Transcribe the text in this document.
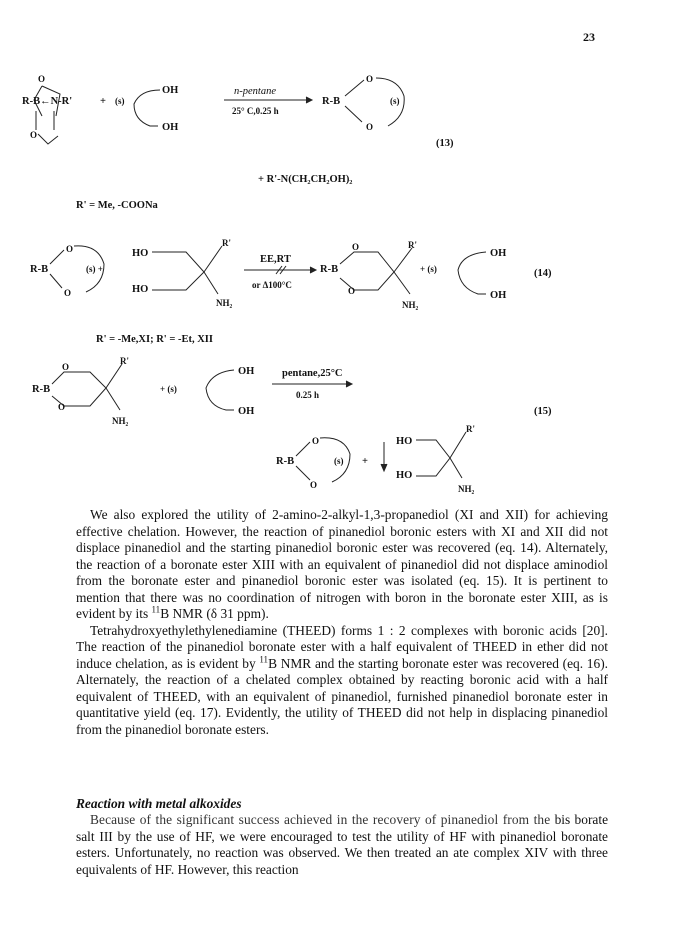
23
O
R-B←N-R'
O
+ (s)
OH
OH
n-pentane
25° C,0.25 h
R-B
O
(s)
O
(13)
+ R'-N(CH₂CH₂OH)₂
R' = Me, -COONa
R-B
O
O
(s) +
HO
HO
R'
NH₂
EE,RT
or Δ100°C
R-B
O
O
R'
NH₂
+ (s)
OH
OH
(14)
R' = -Me,XI; R' = -Et, XII
R-B
O
O
R'
NH₂
+ (s)
OH
OH
pentane,25°C
0.25 h
(15)
R-B
O
O
(s) +
HO
HO
R'
NH₂

We also explored the utility of 2-amino-2-alkyl-1,3-propanediol (XI and XII) for achieving effective chelation. However, the reaction of pinanediol boronic esters with XI and XII did not displace pinanediol and the starting pinanediol boronic ester was recovered (eq. 14). Alternately, the reaction of a boronate ester XIII with an equivalent of pinanediol did not displace aminodiol from the boronate ester and pinanediol boronic ester was isolated (eq. 15). It is pertinent to mention that there was no coordination of nitrogen with boron in the boronate ester XIII, as is evident by its $^{11}$B NMR (δ 31 ppm).

Tetrahydroxyethylethylenediamine (THEED) forms 1 : 2 complexes with boronic acids [20]. The reaction of the pinanediol boronate ester with a half equivalent of THEED in ether did not induce chelation, as is evident by $^{11}$B NMR and the starting boronate ester was recovered (eq. 16). Alternately, the reaction of a chelated complex obtained by reacting boronic acid with a half equivalent of THEED, with an equivalent of pinanediol, furnished pinanediol boronate ester in quantitative yield (eq. 17). Evidently, the utility of THEED did not help in displacing pinanediol from the pinanediol boronate esters.

Reaction with metal alkoxides

Because of the significant success achieved in the recovery of pinanediol from the bis borate salt III by the use of HF, we were encouraged to test the utility of HF with pinanediol boronate esters. Unfortunately, no reaction was observed. We then treated an ate complex XIV with three equivalents of HF. However, this reaction
